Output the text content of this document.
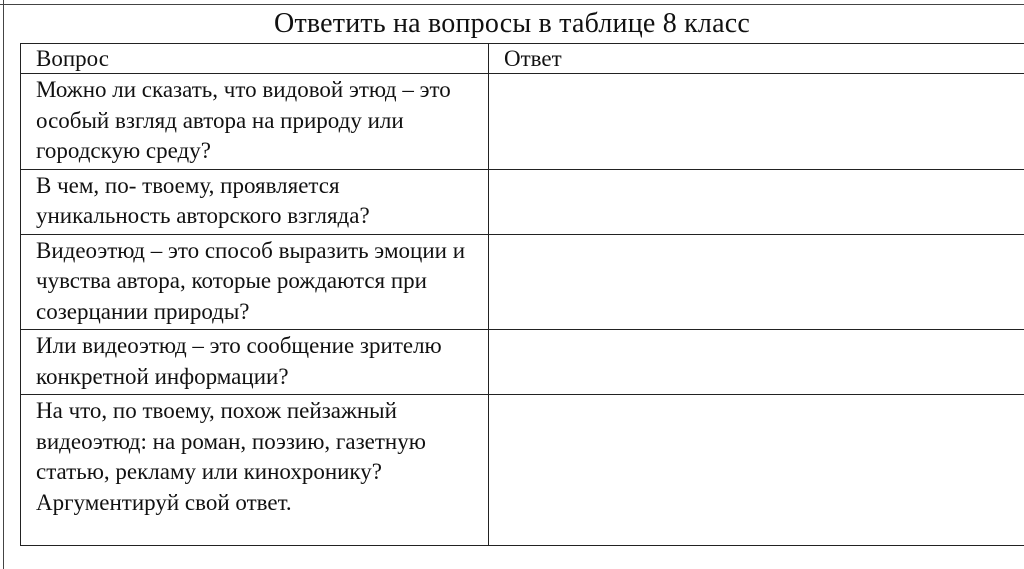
Ответить на вопросы в таблице 8 класс
Вопрос	Ответ

Можно ли сказать, что видовой этюд – это особый взгляд автора на природу или городскую среду?	

В чем, по- твоему, проявляется уникальность авторского взгляда?	

Видеоэтюд – это способ выразить эмоции и чувства автора, которые рождаются при созерцании природы?	

Или видеоэтюд – это сообщение зрителю конкретной информации?	

На что, по твоему, похож пейзажный видеоэтюд: на роман, поэзию, газетную статью, рекламу или кинохронику? Аргументируй свой ответ.	
